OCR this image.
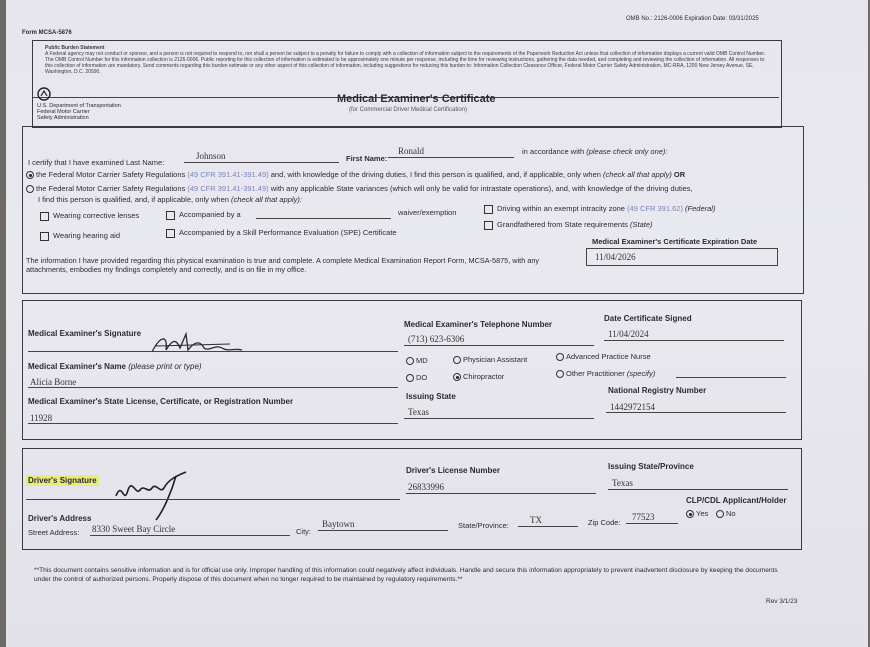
Form MCSA-5876
OMB No.: 2126-0006 Expiration Date: 03/31/2025
Public Burden Statement
A Federal agency may not conduct or sponsor, and a person is not required to respond to, nor shall a person be subject to a penalty for failure to comply with a collection of information subject to the requirements of the Paperwork Reduction Act unless that collection of information displays a current valid OMB Control Number. The OMB Control Number for this information collection is 2126-0006. Public reporting for this collection of information is estimated to be approximately one minute per response, including the time for reviewing instructions, gathering the data needed, and completing and reviewing the collection of information. All responses to this collection of information are mandatory. Send comments regarding this burden estimate or any other aspect of this collection of information, including suggestions for reducing this burden to: Information Collection Clearance Officer, Federal Motor Carrier Safety Administration, MC-RRA, 1200 New Jersey Avenue, SE, Washington, D.C. 20590.
U.S. Department of Transportation
Federal Motor Carrier
Safety Administration
Medical Examiner's Certificate
(for Commercial Driver Medical Certification)
I certify that I have examined Last Name:
Johnson	First Name:
Ronald	in accordance with (please check only one):
the Federal Motor Carrier Safety Regulations (49 CFR 391.41-391.49) and, with knowledge of the driving duties, I find this person is qualified, and, if applicable, only when (check all that apply) OR
the Federal Motor Carrier Safety Regulations (49 CFR 391.41-391.49) with any applicable State variances (which will only be valid for intrastate operations), and, with knowledge of the driving duties,
I find this person is qualified, and, if applicable, only when (check all that apply):
Wearing corrective lenses	Accompanied by a	waiver/exemption	Driving within an exempt intracity zone (49 CFR 391.62) (Federal)
Wearing hearing aid	Accompanied by a Skill Performance Evaluation (SPE) Certificate
Grandfathered from State requirements (State)
The information I have provided regarding this physical examination is true and complete. A complete Medical Examination Report Form, MCSA-5875, with any attachments, embodies my findings completely and correctly, and is on file in my office.
Medical Examiner's Certificate Expiration Date
11/04/2026
Medical Examiner's Signature
Medical Examiner's Telephone Number
(713) 623-6306
Date Certificate Signed
11/04/2024
Medical Examiner's Name (please print or type)
Alicia Borne
MD	Physician Assistant	Advanced Practice Nurse
DO	Chiropractor	Other Practitioner (specify)
Medical Examiner's State License, Certificate, or Registration Number
11928
Issuing State
Texas
National Registry Number
1442972154
Driver's Signature
Driver's License Number
26833996
Issuing State/Province
Texas
CLP/CDL Applicant/Holder
Yes	No
Driver's Address
Street Address: 8330 Sweet Bay Circle	City:
Baytown	State/Province:
TX	Zip Code:
77523
**This document contains sensitive information and is for official use only. Improper handling of this information could negatively affect individuals. Handle and secure this information appropriately to prevent inadvertent disclosure by keeping the documents under the control of authorized persons. Properly dispose of this document when no longer required to be maintained by regulatory requirements.**
Rev 3/1/23
